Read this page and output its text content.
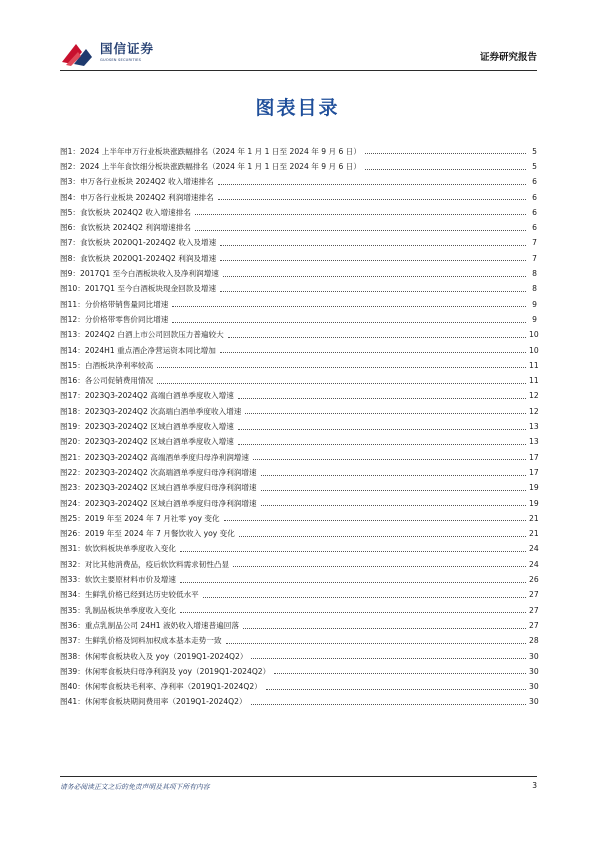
国信证券
GUOSEN SECURITIES	证券研究报告
图表目录
图1： 2024 上半年申万行业板块涨跌幅排名（2024 年 1 月 1 日至 2024 年 9 月 6 日）	5
图2： 2024 上半年食饮细分板块涨跌幅排名（2024 年 1 月 1 日至 2024 年 9 月 6 日）	5
图3： 申万各行业板块 2024Q2 收入增速排名	6
图4： 申万各行业板块 2024Q2 利润增速排名	6
图5： 食饮板块 2024Q2 收入增速排名	6
图6： 食饮板块 2024Q2 利润增速排名	6
图7： 食饮板块 2020Q1-2024Q2 收入及增速	7
图8： 食饮板块 2020Q1-2024Q2 利润及增速	7
图9： 2017Q1 至今白酒板块收入及净利润增速	8
图10： 2017Q1 至今白酒板块现金回款及增速	8
图11： 分价格带销售量同比增速	9
图12： 分价格带零售价同比增速	9
图13： 2024Q2 白酒上市公司回款压力普遍较大	10
图14： 2024H1 重点酒企净营运资本同比增加	10
图15： 白酒板块净利率较高	11
图16： 各公司促销费用情况	11
图17： 2023Q3-2024Q2 高端白酒单季度收入增速	12
图18： 2023Q3-2024Q2 次高端白酒单季度收入增速	12
图19： 2023Q3-2024Q2 区域白酒单季度收入增速	13
图20： 2023Q3-2024Q2 区域白酒单季度收入增速	13
图21： 2023Q3-2024Q2 高端酒单季度归母净利润增速	17
图22： 2023Q3-2024Q2 次高端酒单季度归母净利润增速	17
图23： 2023Q3-2024Q2 区域白酒单季度归母净利润增速	19
图24： 2023Q3-2024Q2 区域白酒单季度归母净利润增速	19
图25： 2019 年至 2024 年 7 月社零 yoy 变化	21
图26： 2019 年至 2024 年 7 月餐饮收入 yoy 变化	21
图31： 软饮料板块单季度收入变化	24
图32： 对比其他消费品，疫后软饮料需求韧性凸显	24
图33： 软饮主要原材料市价及增速	26
图34： 生鲜乳价格已经到达历史较低水平	27
图35： 乳制品板块单季度收入变化	27
图36： 重点乳制品公司 24H1 液奶收入增速普遍回落	27
图37： 生鲜乳价格及饲料加权成本基本走势一致	28
图38： 休闲零食板块收入及 yoy（2019Q1-2024Q2）	30
图39： 休闲零食板块归母净利润及 yoy（2019Q1-2024Q2）	30
图40： 休闲零食板块毛利率、净利率（2019Q1-2024Q2）	30
图41： 休闲零食板块期间费用率（2019Q1-2024Q2）	30
请务必阅读正文之后的免责声明及其项下所有内容	3
